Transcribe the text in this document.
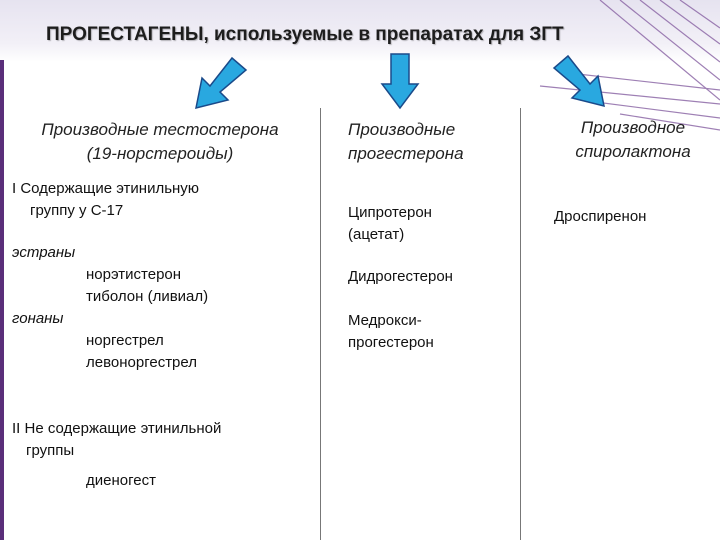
ПРОГЕСТАГЕНЫ, используемые в препаратах для ЗГТ
Производные тестостерона
(19-норстероиды)
Производные
прогестерона
Производное
спиролактона
I Содержащие этинильную
группу у С-17
эстраны
норэтистерон
тиболон (ливиал)
гонаны
норгестрел
левоноргестрел
II Не содержащие этинильной
группы
диеногест
Ципротерон
(ацетат)
Дидрогестерон
Медрокси-
прогестерон
Дроспиренон
